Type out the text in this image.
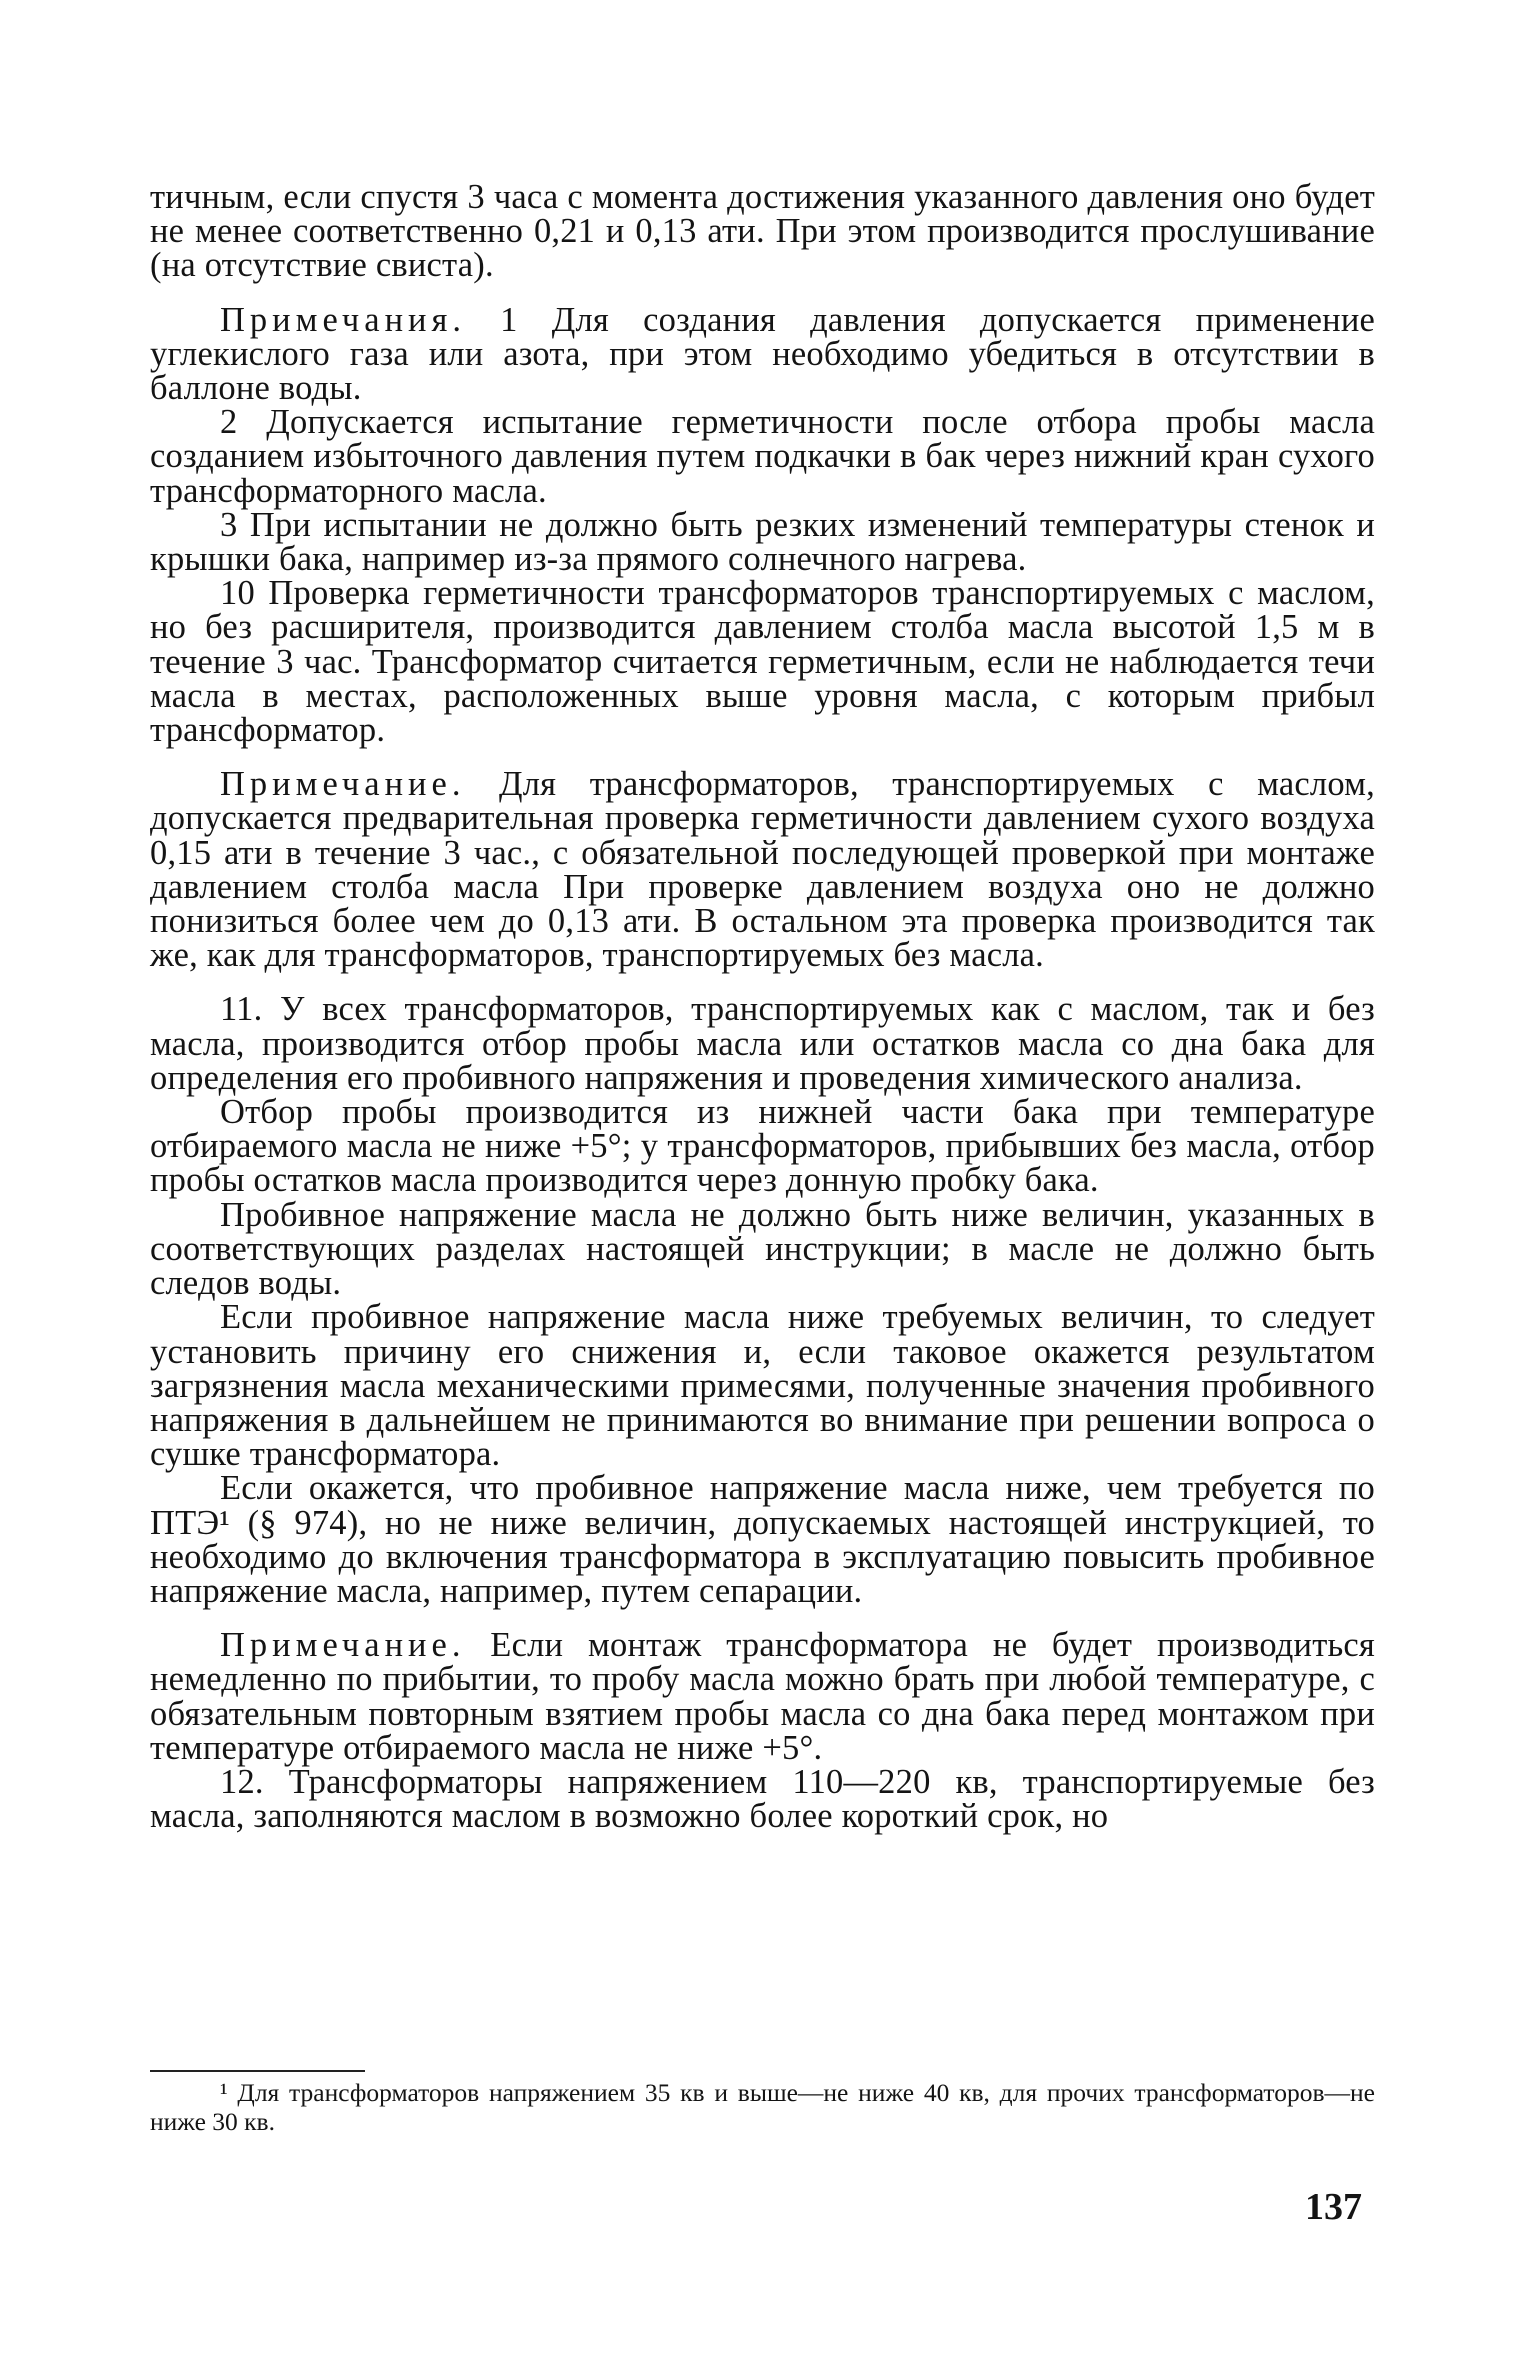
тичным, если спустя 3 часа с момента достижения указанного давления оно будет не менее соответственно 0,21 и 0,13 ати. При этом производится прослушивание (на отсутствие свиста).

Примечания. 1 Для создания давления допускается применение углекислого газа или азота, при этом необходимо убедиться в отсутствии в баллоне воды.

2 Допускается испытание герметичности после отбора пробы маслa созданием избыточного давления путем подкачки в бак через нижний кран сухого трансформаторного масла.

3 При испытании не должно быть резких изменений температуры стенок и крышки бака, например из-за прямого солнечного нагрева.

10 Проверка герметичности трансформаторов транспортируемых с маслом, но без расширителя, производится давлением столба масла высотой 1,5 м в течение 3 час. Трансформатор считается герметичным, если не наблюдается течи масла в местах, расположенных выше уровня масла, с которым прибыл трансформатор.

Примечание. Для трансформаторов, транспортируемых с маслом, допускается предварительная проверка герметичности давлением сухого воздуха 0,15 ати в течение 3 час., с обязательной последующей проверкой при монтаже давлением столба масла При проверке давлением воздуха оно не должно понизиться более чем до 0,13 ати. В остальном эта проверка производится так же, как для трансформаторов, транспортируемых без масла.

11. У всех трансформаторов, транспортируемых как с маслом, так и без масла, производится отбор пробы масла или остатков масла со дна бака для определения его пробивного напряжения и проведения химического анализа.

Отбор пробы производится из нижней части бака при температуре отбираемого масла не ниже +5°; у трансформаторов, прибывших без масла, отбор пробы остатков масла производится через донную пробку бака.

Пробивное напряжение масла не должно быть ниже величин, указанных в соответствующих разделах настоящей инструкции; в масле не должно быть следов воды.

Если пробивное напряжение масла ниже требуемых величин, то следует установить причину его снижения и, если таковое окажется результатом загрязнения масла механическими примесями, полученные значения пробивного напряжения в дальнейшем не принимаются во внимание при решении вопроса о сушке трансформатора.

Если окажется, что пробивное напряжение масла ниже, чем требуется по ПТЭ¹ (§ 974), но не ниже величин, допускаемых настоящей инструкцией, то необходимо до включения трансформатора в эксплуатацию повысить пробивное напряжение масла, например, путем сепарации.

Примечание. Если монтаж трансформатора не будет производиться немедленно по прибытии, то пробу масла можно брать при любой температуре, с обязательным повторным взятием пробы масла со дна бака перед монтажом при температуре отбираемого масла не ниже +5°.

12. Трансформаторы напряжением 110—220 кв, транспортируемые без масла, заполняются маслом в возможно более короткий срок, но

¹ Для трансформаторов напряжением 35 кв и выше—не ниже 40 кв, для прочих трансформаторов—не ниже 30 кв.

137
